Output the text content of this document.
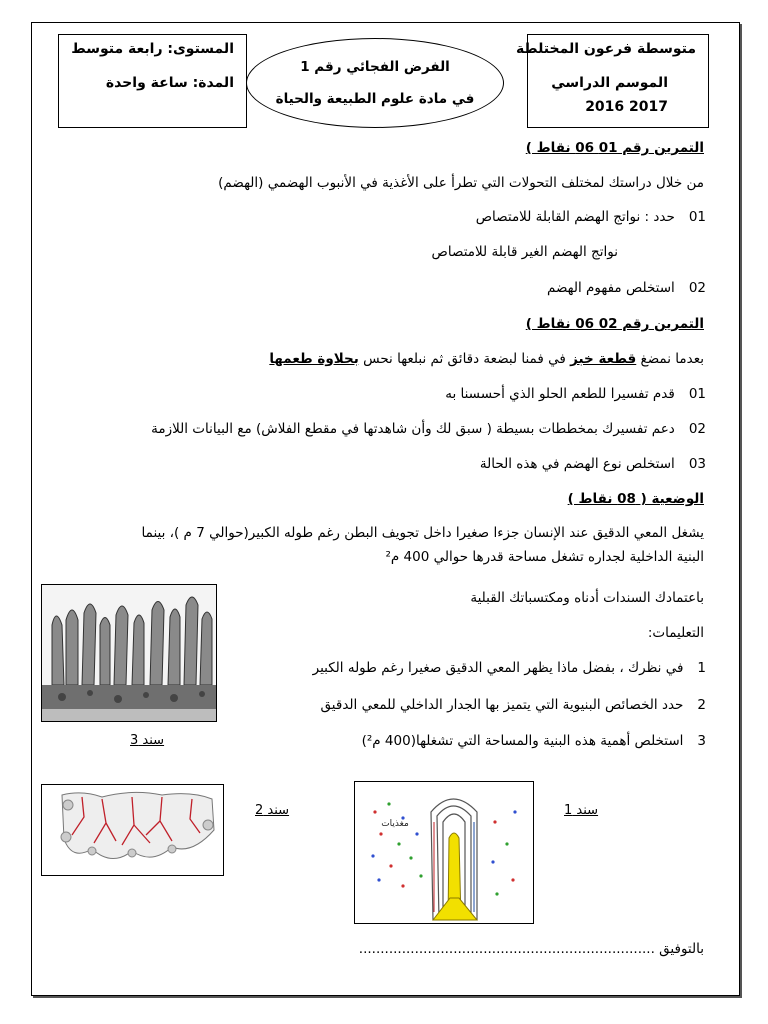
متوسطة فرعون المختلطة
الموسم الدراسي
2017 2016
الفرض الفجائي رقم 1
في مادة علوم الطبيعة والحياة
المستوى: رابعة متوسط
المدة: ساعة واحدة
التمرين رقم 01 06 نقاط )
من خلال دراستك لمختلف التحولات التي تطرأ على الأغذية في الأنبوب الهضمي (الهضم)
01حدد : نواتج الهضم القابلة للامتصاص
نواتج الهضم الغير قابلة للامتصاص
02استخلص مفهوم الهضم
التمرين رقم 02 06 نقاط )
بعدما نمضغ قطعة خبز في فمنا لبضعة دقائق ثم نبلعها نحس بحلاوة طعمها
01قدم تفسيرا للطعم الحلو الذي أحسسنا به
02دعم تفسيرك بمخططات بسيطة ( سبق لك وأن شاهدتها في مقطع الفلاش) مع البيانات اللازمة
03استخلص نوع الهضم في هذه الحالة
الوضعية ( 08 نقاط )
يشغل المعي الدقيق عند الإنسان جزءا صغيرا داخل تجويف البطن رغم طوله الكبير(حوالي 7 م )، بينما
البنية الداخلية لجداره تشغل مساحة قدرها حوالي 400 م²
باعتمادك السندات أدناه ومكتسباتك القبلية
التعليمات:
1في نظرك ، بفضل ماذا يظهر المعي الدقيق صغيرا رغم طوله الكبير
2حدد الخصائص البنيوية التي يتميز بها الجدار الداخلي للمعي الدقيق
3استخلص أهمية هذه البنية والمساحة التي تشغلها(400 م²)
سند 3
سند 2
مغذيات
سند 1
بالتوفيق .....................................................................
